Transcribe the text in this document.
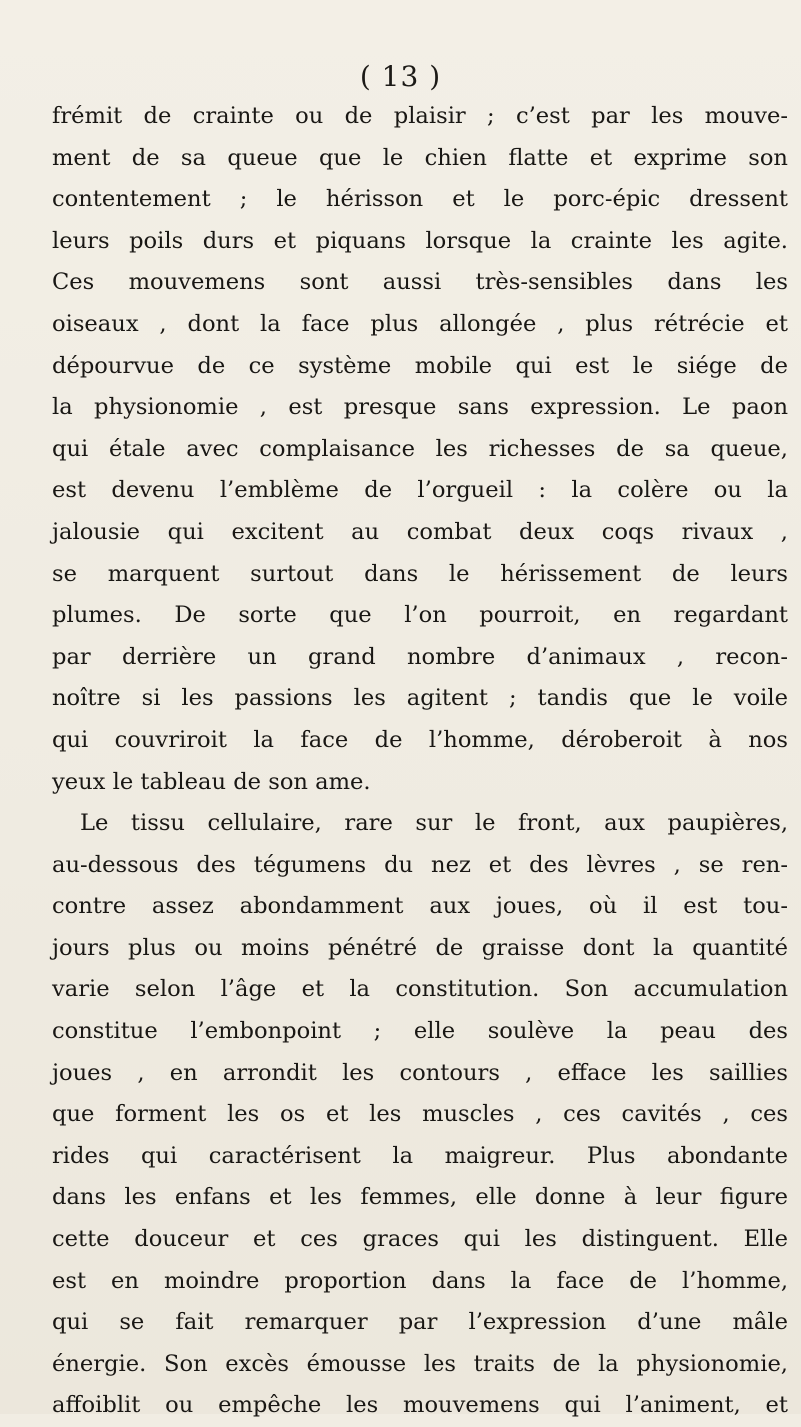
( 13 )
frémit de crainte ou de plaisir ; c’est par les mouve-
ment de sa queue que le chien flatte et exprime son
contentement ; le hérisson et le porc-épic dressent
leurs poils durs et piquans lorsque la crainte les agite.
Ces mouvemens sont aussi très-sensibles dans les
oiseaux , dont la face plus allongée , plus rétrécie et
dépourvue de ce système mobile qui est le siége de
la physionomie , est presque sans expression. Le paon
qui étale avec complaisance les richesses de sa queue,
est devenu l’emblème de l’orgueil : la colère ou la
jalousie qui excitent au combat deux coqs rivaux ,
se marquent surtout dans le hérissement de leurs
plumes. De sorte que l’on pourroit, en regardant
par derrière un grand nombre d’animaux , recon-
noître si les passions les agitent ; tandis que le voile
qui couvriroit la face de l’homme, déroberoit à nos
yeux le tableau de son ame.
Le tissu cellulaire, rare sur le front, aux paupières,
au-dessous des tégumens du nez et des lèvres , se ren-
contre assez abondamment aux joues, où il est tou-
jours plus ou moins pénétré de graisse dont la quantité
varie selon l’âge et la constitution. Son accumulation
constitue l’embonpoint ; elle soulève la peau des
joues , en arrondit les contours , efface les saillies
que forment les os et les muscles , ces cavités , ces
rides qui caractérisent la maigreur. Plus abondante
dans les enfans et les femmes, elle donne à leur figure
cette douceur et ces graces qui les distinguent. Elle
est en moindre proportion dans la face de l’homme,
qui se fait remarquer par l’expression d’une mâle
énergie. Son excès émousse les traits de la physionomie,
affoiblit ou empêche les mouvemens qui l’animent, et
